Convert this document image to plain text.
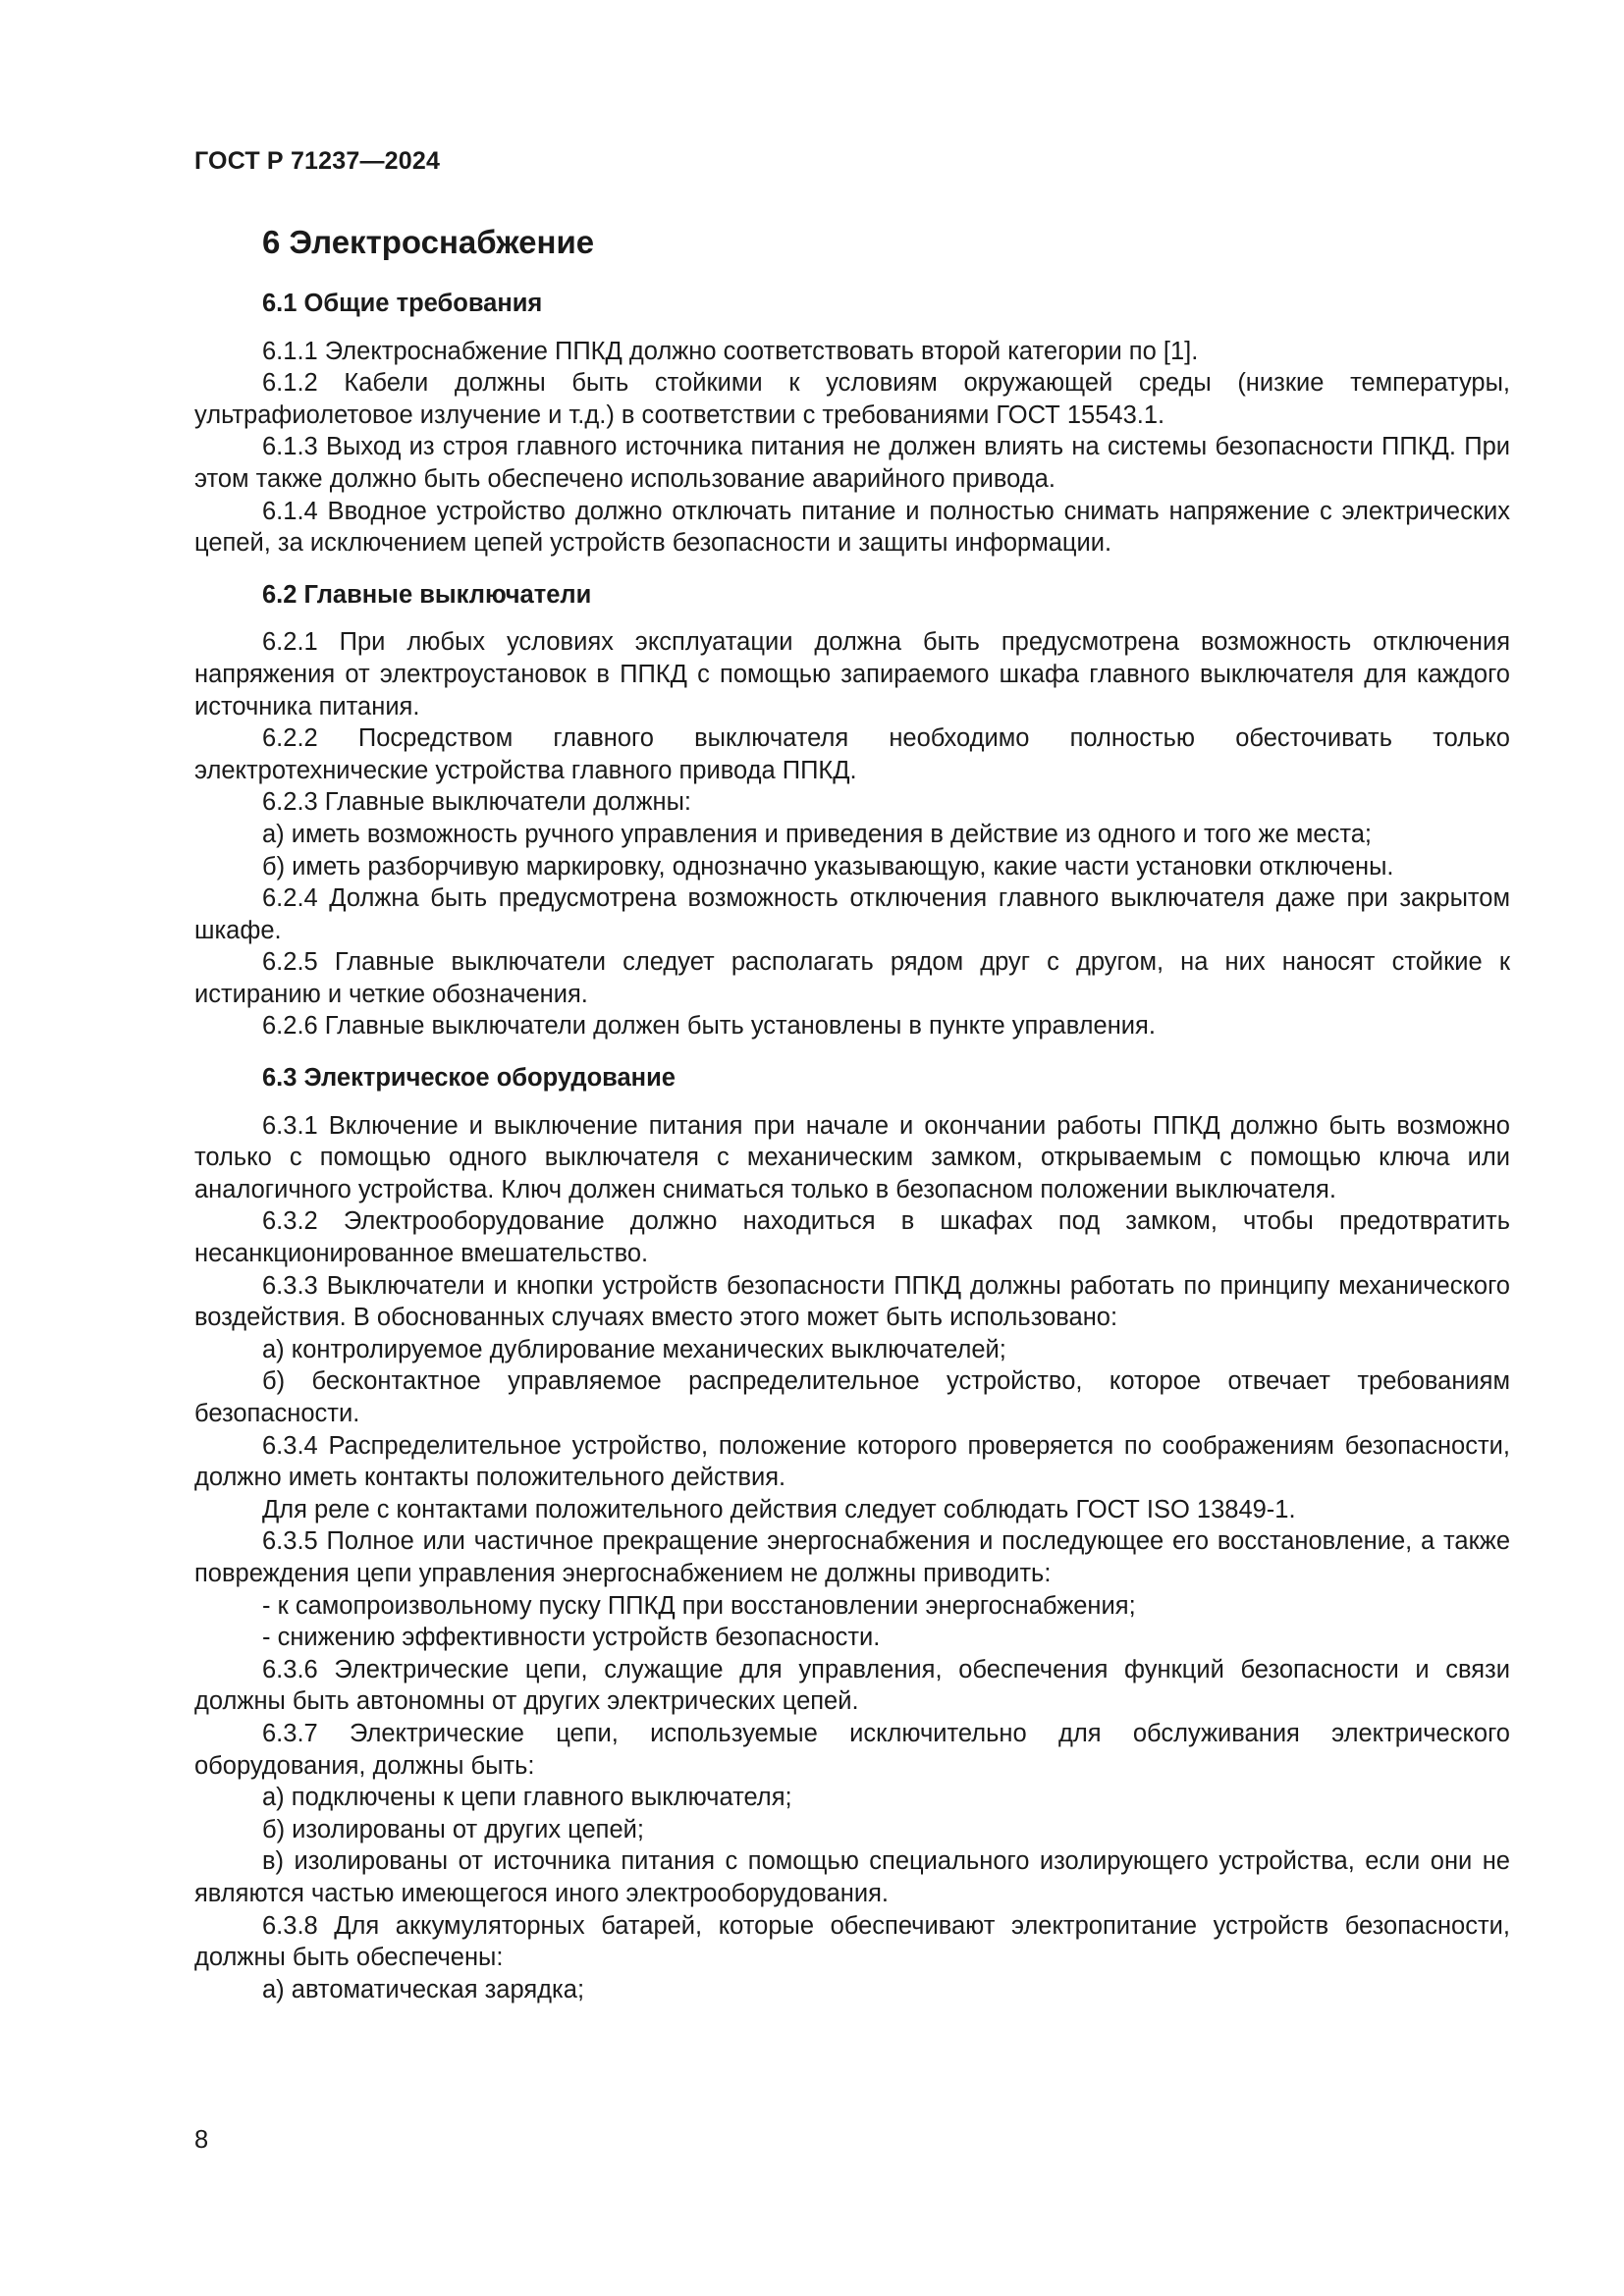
ГОСТ Р 71237—2024
6 Электроснабжение
6.1 Общие требования

6.1.1 Электроснабжение ППКД должно соответствовать второй категории по [1].

6.1.2 Кабели должны быть стойкими к условиям окружающей среды (низкие температуры, ультрафиолетовое излучение и т.д.) в соответствии с требованиями ГОСТ 15543.1.

6.1.3 Выход из строя главного источника питания не должен влиять на системы безопасности ППКД. При этом также должно быть обеспечено использование аварийного привода.

6.1.4 Вводное устройство должно отключать питание и полностью снимать напряжение с электрических цепей, за исключением цепей устройств безопасности и защиты информации.

6.2 Главные выключатели

6.2.1 При любых условиях эксплуатации должна быть предусмотрена возможность отключения напряжения от электроустановок в ППКД с помощью запираемого шкафа главного выключателя для каждого источника питания.

6.2.2 Посредством главного выключателя необходимо полностью обесточивать только электротехнические устройства главного привода ППКД.

6.2.3 Главные выключатели должны:

а) иметь возможность ручного управления и приведения в действие из одного и того же места;

б) иметь разборчивую маркировку, однозначно указывающую, какие части установки отключены.

6.2.4 Должна быть предусмотрена возможность отключения главного выключателя даже при закрытом шкафе.

6.2.5 Главные выключатели следует располагать рядом друг с другом, на них наносят стойкие к истиранию и четкие обозначения.

6.2.6 Главные выключатели должен быть установлены в пункте управления.

6.3 Электрическое оборудование

6.3.1 Включение и выключение питания при начале и окончании работы ППКД должно быть возможно только с помощью одного выключателя с механическим замком, открываемым с помощью ключа или аналогичного устройства. Ключ должен сниматься только в безопасном положении выключателя.

6.3.2 Электрооборудование должно находиться в шкафах под замком, чтобы предотвратить несанкционированное вмешательство.

6.3.3 Выключатели и кнопки устройств безопасности ППКД должны работать по принципу механического воздействия. В обоснованных случаях вместо этого может быть использовано:

а) контролируемое дублирование механических выключателей;

б) бесконтактное управляемое распределительное устройство, которое отвечает требованиям безопасности.

6.3.4 Распределительное устройство, положение которого проверяется по соображениям безопасности, должно иметь контакты положительного действия.

Для реле с контактами положительного действия следует соблюдать ГОСТ ISO 13849-1.

6.3.5 Полное или частичное прекращение энергоснабжения и последующее его восстановление, а также повреждения цепи управления энергоснабжением не должны приводить:

- к самопроизвольному пуску ППКД при восстановлении энергоснабжения;

- снижению эффективности устройств безопасности.

6.3.6 Электрические цепи, служащие для управления, обеспечения функций безопасности и связи должны быть автономны от других электрических цепей.

6.3.7 Электрические цепи, используемые исключительно для обслуживания электрического оборудования, должны быть:

а) подключены к цепи главного выключателя;

б) изолированы от других цепей;

в) изолированы от источника питания с помощью специального изолирующего устройства, если они не являются частью имеющегося иного электрооборудования.

6.3.8 Для аккумуляторных батарей, которые обеспечивают электропитание устройств безопасности, должны быть обеспечены:

а) автоматическая зарядка;

8
